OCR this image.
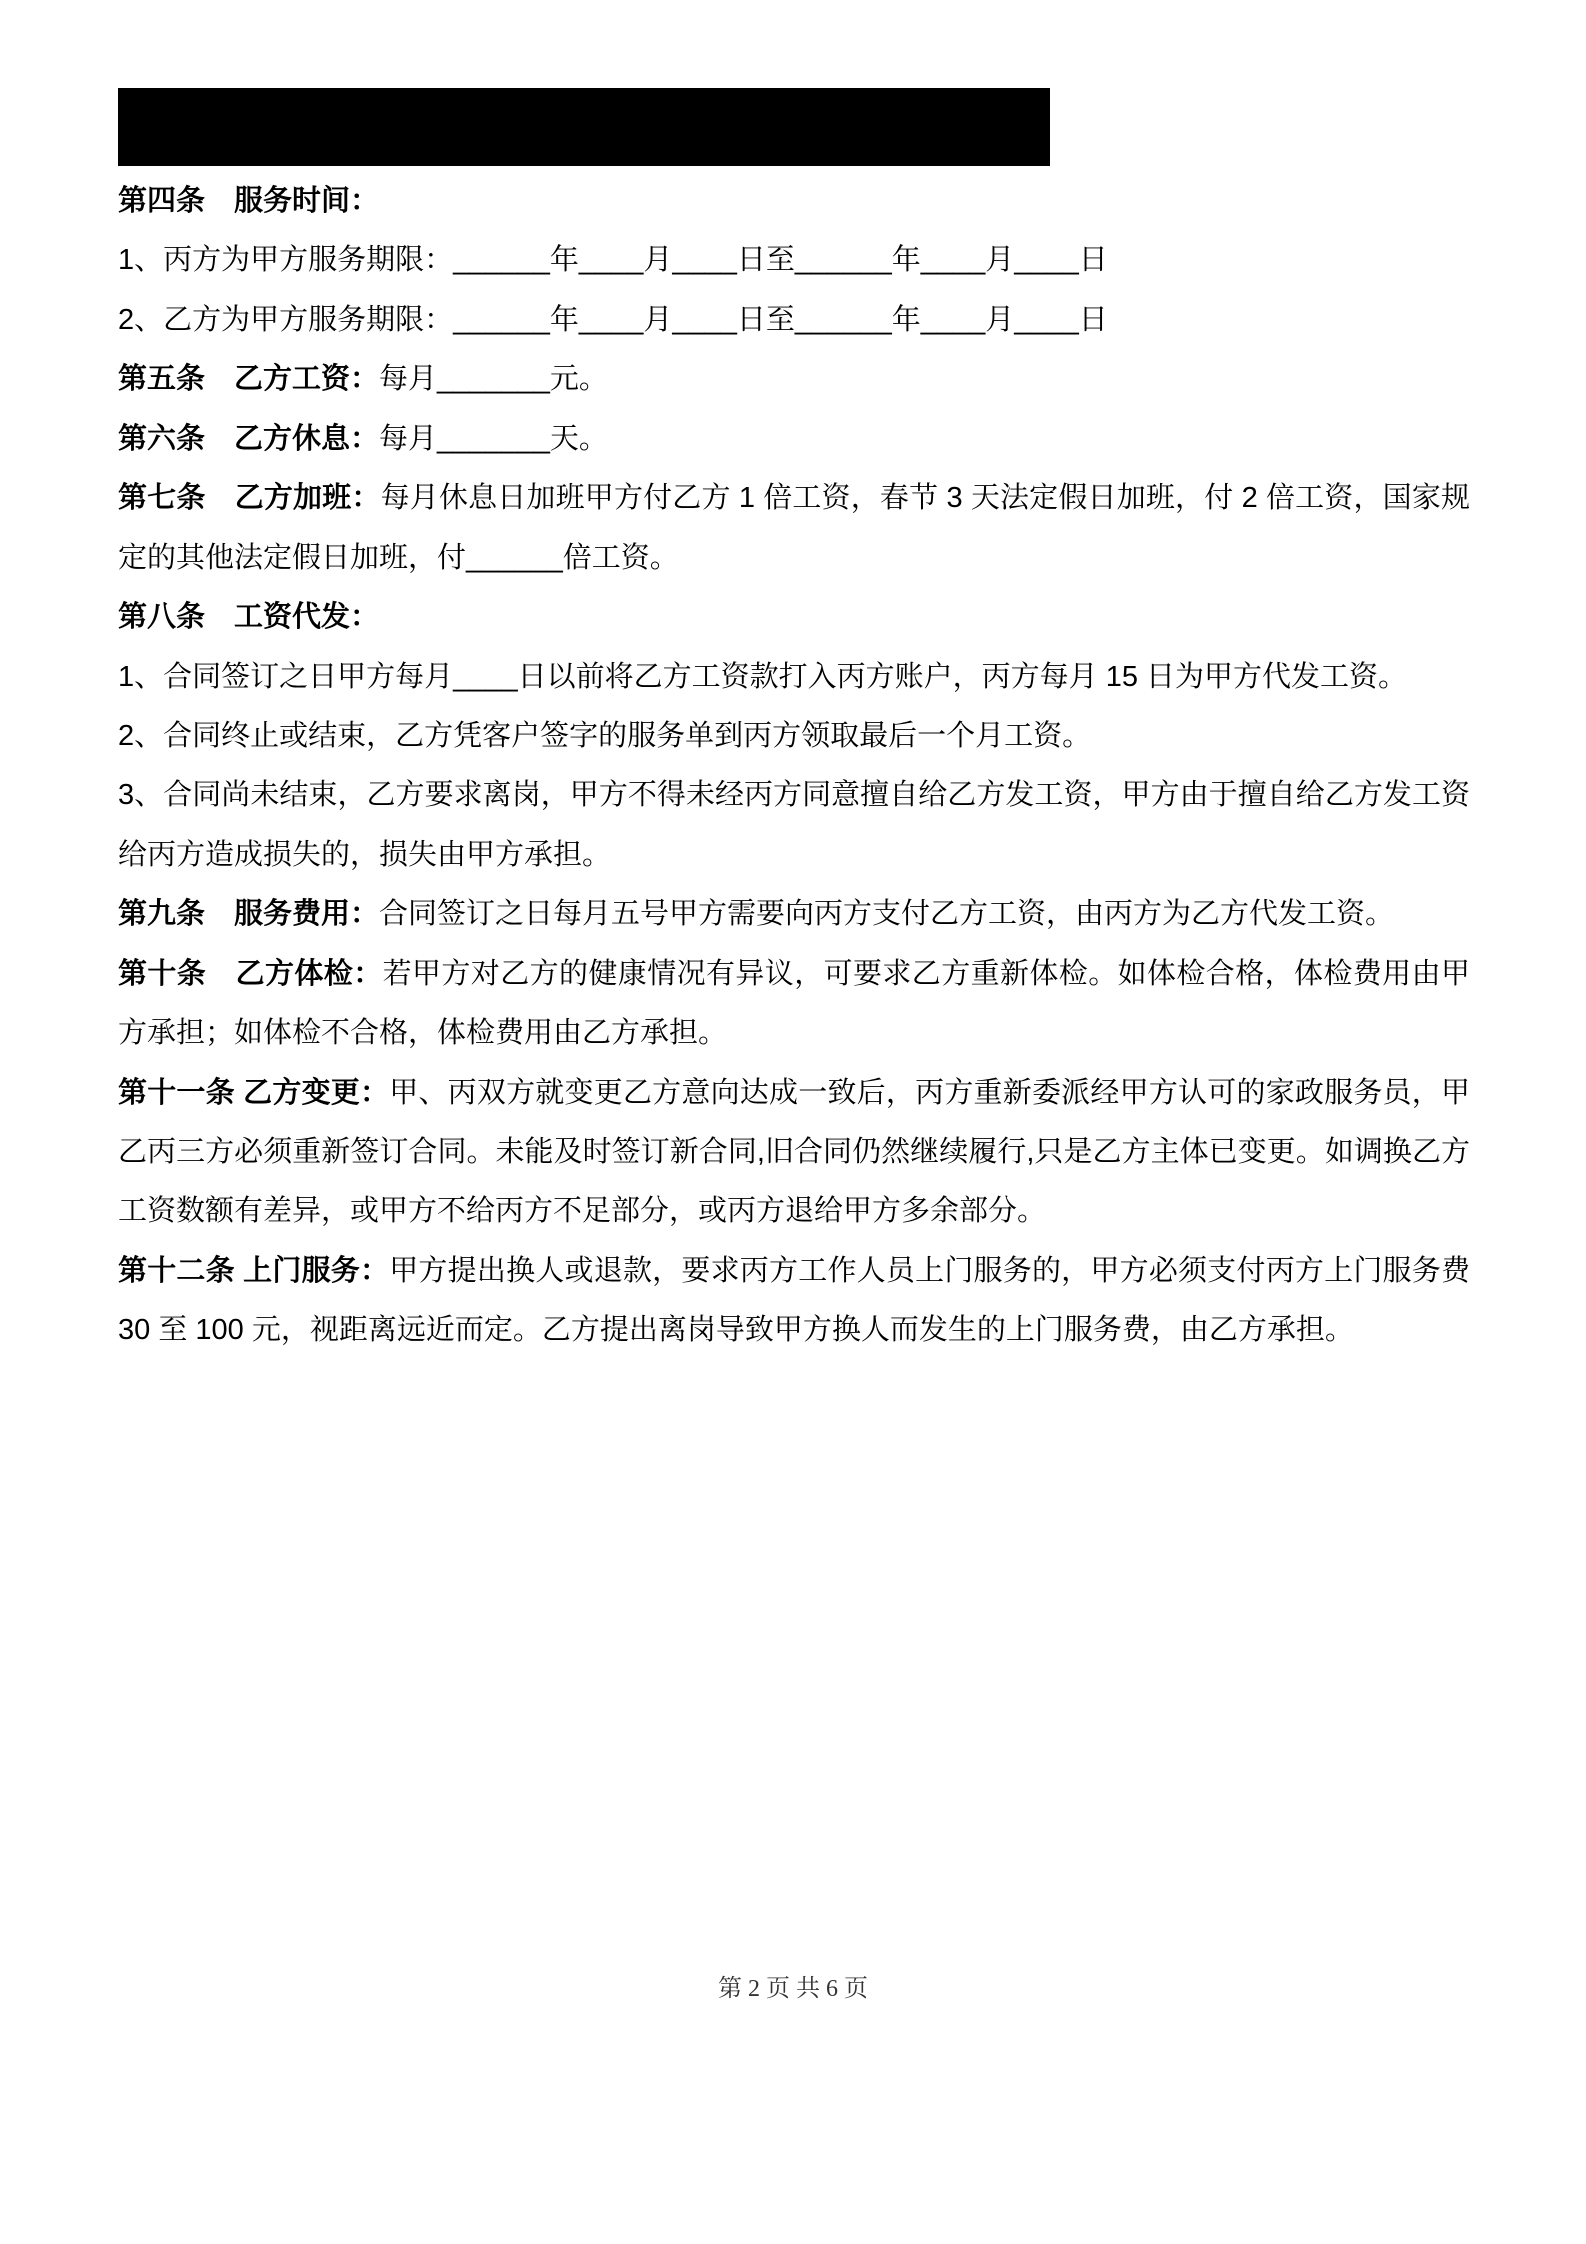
第四条　服务时间：

1、丙方为甲方服务期限：______年____月____日至______年____月____日

2、乙方为甲方服务期限：______年____月____日至______年____月____日

第五条　乙方工资：每月_______元。

第六条　乙方休息：每月_______天。

第七条　乙方加班：每月休息日加班甲方付乙方 1 倍工资，春节 3 天法定假日加班，付 2 倍工资，国家规定的其他法定假日加班，付______倍工资。

第八条　工资代发：

1、合同签订之日甲方每月____日以前将乙方工资款打入丙方账户，丙方每月 15 日为甲方代发工资。

2、合同终止或结束，乙方凭客户签字的服务单到丙方领取最后一个月工资。

3、合同尚未结束，乙方要求离岗，甲方不得未经丙方同意擅自给乙方发工资，甲方由于擅自给乙方发工资给丙方造成损失的，损失由甲方承担。

第九条　服务费用：合同签订之日每月五号甲方需要向丙方支付乙方工资，由丙方为乙方代发工资。

第十条　乙方体检：若甲方对乙方的健康情况有异议，可要求乙方重新体检。如体检合格，体检费用由甲方承担；如体检不合格，体检费用由乙方承担。

第十一条 乙方变更：甲、丙双方就变更乙方意向达成一致后，丙方重新委派经甲方认可的家政服务员，甲乙丙三方必须重新签订合同。未能及时签订新合同,旧合同仍然继续履行,只是乙方主体已变更。如调换乙方工资数额有差异，或甲方不给丙方不足部分，或丙方退给甲方多余部分。

第十二条 上门服务：甲方提出换人或退款，要求丙方工作人员上门服务的，甲方必须支付丙方上门服务费 30 至 100 元，视距离远近而定。乙方提出离岗导致甲方换人而发生的上门服务费，由乙方承担。

第 2 页 共 6 页
